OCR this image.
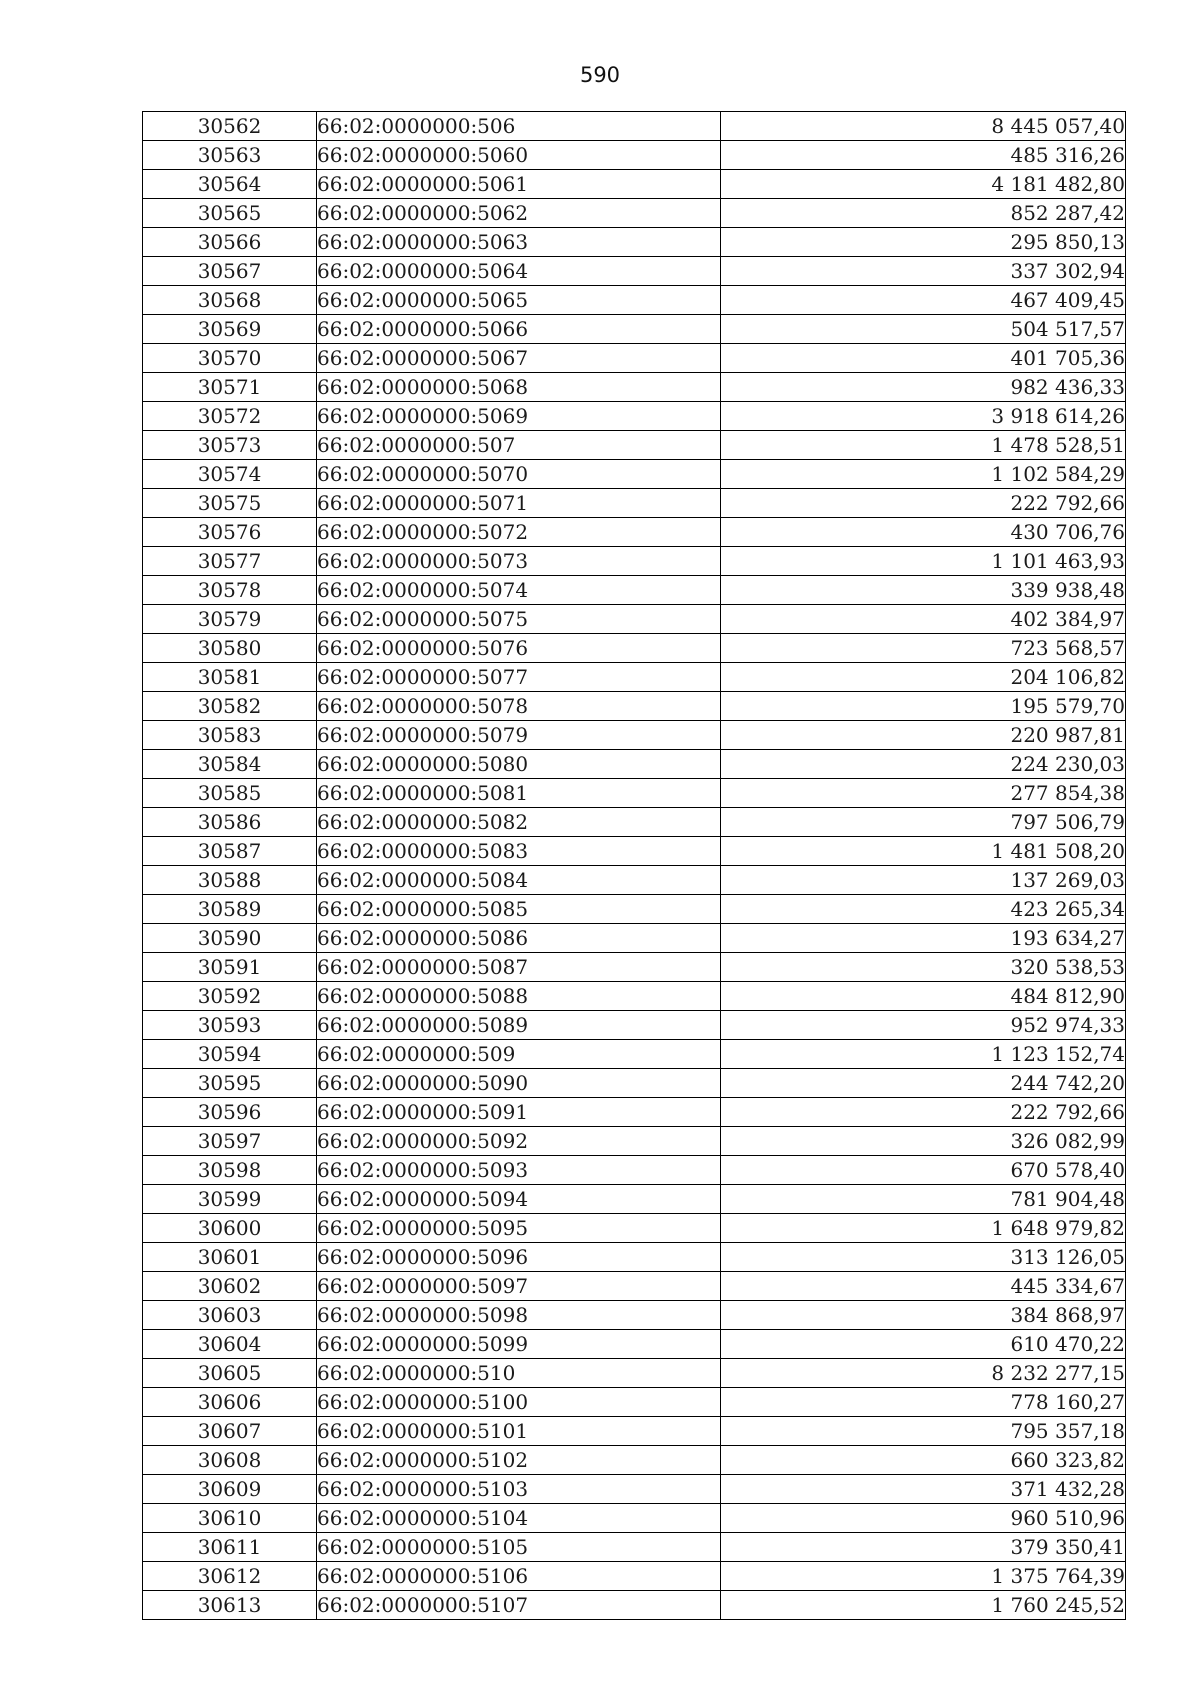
590
30562	66:02:0000000:506	8 445 057,40
30563	66:02:0000000:5060	485 316,26
30564	66:02:0000000:5061	4 181 482,80
30565	66:02:0000000:5062	852 287,42
30566	66:02:0000000:5063	295 850,13
30567	66:02:0000000:5064	337 302,94
30568	66:02:0000000:5065	467 409,45
30569	66:02:0000000:5066	504 517,57
30570	66:02:0000000:5067	401 705,36
30571	66:02:0000000:5068	982 436,33
30572	66:02:0000000:5069	3 918 614,26
30573	66:02:0000000:507	1 478 528,51
30574	66:02:0000000:5070	1 102 584,29
30575	66:02:0000000:5071	222 792,66
30576	66:02:0000000:5072	430 706,76
30577	66:02:0000000:5073	1 101 463,93
30578	66:02:0000000:5074	339 938,48
30579	66:02:0000000:5075	402 384,97
30580	66:02:0000000:5076	723 568,57
30581	66:02:0000000:5077	204 106,82
30582	66:02:0000000:5078	195 579,70
30583	66:02:0000000:5079	220 987,81
30584	66:02:0000000:5080	224 230,03
30585	66:02:0000000:5081	277 854,38
30586	66:02:0000000:5082	797 506,79
30587	66:02:0000000:5083	1 481 508,20
30588	66:02:0000000:5084	137 269,03
30589	66:02:0000000:5085	423 265,34
30590	66:02:0000000:5086	193 634,27
30591	66:02:0000000:5087	320 538,53
30592	66:02:0000000:5088	484 812,90
30593	66:02:0000000:5089	952 974,33
30594	66:02:0000000:509	1 123 152,74
30595	66:02:0000000:5090	244 742,20
30596	66:02:0000000:5091	222 792,66
30597	66:02:0000000:5092	326 082,99
30598	66:02:0000000:5093	670 578,40
30599	66:02:0000000:5094	781 904,48
30600	66:02:0000000:5095	1 648 979,82
30601	66:02:0000000:5096	313 126,05
30602	66:02:0000000:5097	445 334,67
30603	66:02:0000000:5098	384 868,97
30604	66:02:0000000:5099	610 470,22
30605	66:02:0000000:510	8 232 277,15
30606	66:02:0000000:5100	778 160,27
30607	66:02:0000000:5101	795 357,18
30608	66:02:0000000:5102	660 323,82
30609	66:02:0000000:5103	371 432,28
30610	66:02:0000000:5104	960 510,96
30611	66:02:0000000:5105	379 350,41
30612	66:02:0000000:5106	1 375 764,39
30613	66:02:0000000:5107	1 760 245,52
